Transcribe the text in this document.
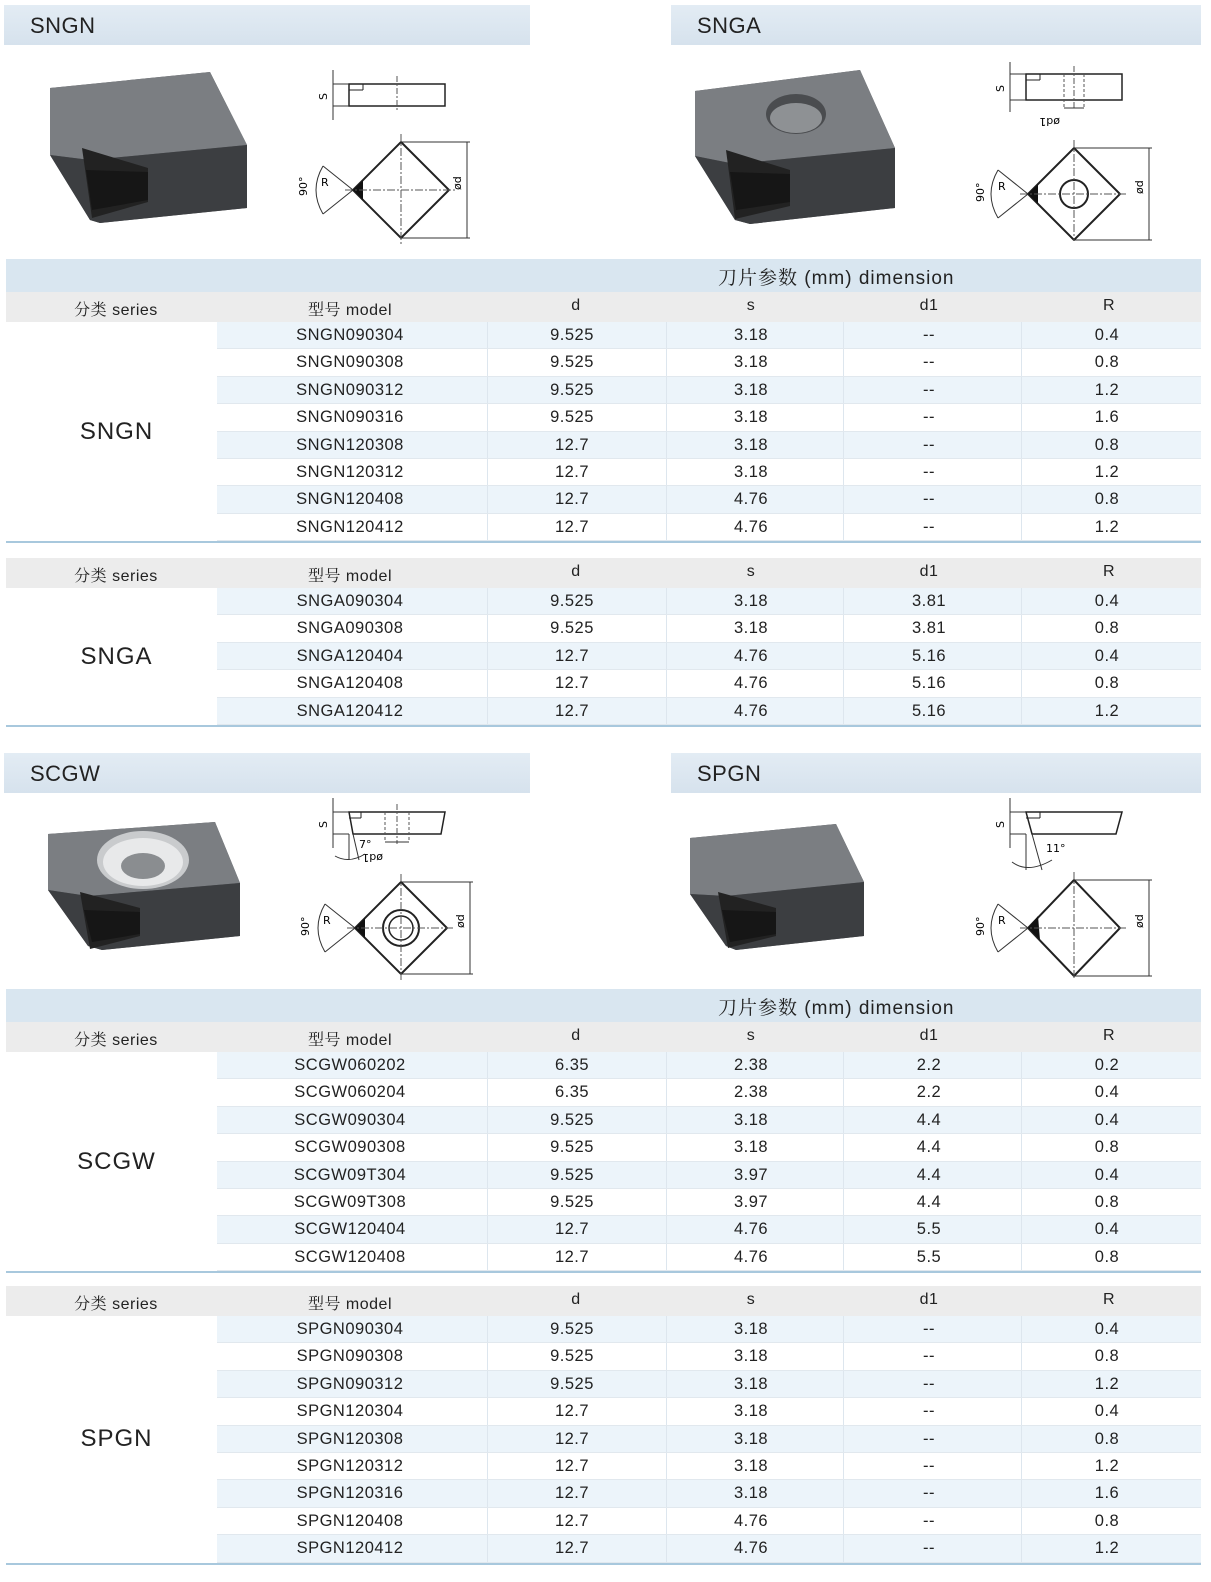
SNGN	SNGA
SCGW	SPGN
S
ød
90° R
ød1
S
ød
90° R
刀片参数 (mm) dimension
分类 series	型号 model	d	s	d1	R
SNGN
SNGN090304	9.525	3.18	--	0.4
SNGN090308	9.525	3.18	--	0.8
SNGN090312	9.525	3.18	--	1.2
SNGN090316	9.525	3.18	--	1.6
SNGN120308	12.7	3.18	--	0.8
SNGN120312	12.7	3.18	--	1.2
SNGN120408	12.7	4.76	--	0.8
SNGN120412	12.7	4.76	--	1.2
分类 series	型号 model	d	s	d1	R
SNGA
SNGA090304	9.525	3.18	3.81	0.4
SNGA090308	9.525	3.18	3.81	0.8
SNGA120404	12.7	4.76	5.16	0.4
SNGA120408	12.7	4.76	5.16	0.8
SNGA120412	12.7	4.76	5.16	1.2
ød1
7°
S
ød
90° R
11°
S
ød
90° R
刀片参数 (mm) dimension
分类 series	型号 model	d	s	d1	R
SCGW
SCGW060202	6.35	2.38	2.2	0.2
SCGW060204	6.35	2.38	2.2	0.4
SCGW090304	9.525	3.18	4.4	0.4
SCGW090308	9.525	3.18	4.4	0.8
SCGW09T304	9.525	3.97	4.4	0.4
SCGW09T308	9.525	3.97	4.4	0.8
SCGW120404	12.7	4.76	5.5	0.4
SCGW120408	12.7	4.76	5.5	0.8
分类 series	型号 model	d	s	d1	R
SPGN
SPGN090304	9.525	3.18	--	0.4
SPGN090308	9.525	3.18	--	0.8
SPGN090312	9.525	3.18	--	1.2
SPGN120304	12.7	3.18	--	0.4
SPGN120308	12.7	3.18	--	0.8
SPGN120312	12.7	3.18	--	1.2
SPGN120316	12.7	3.18	--	1.6
SPGN120408	12.7	4.76	--	0.8
SPGN120412	12.7	4.76	--	1.2
